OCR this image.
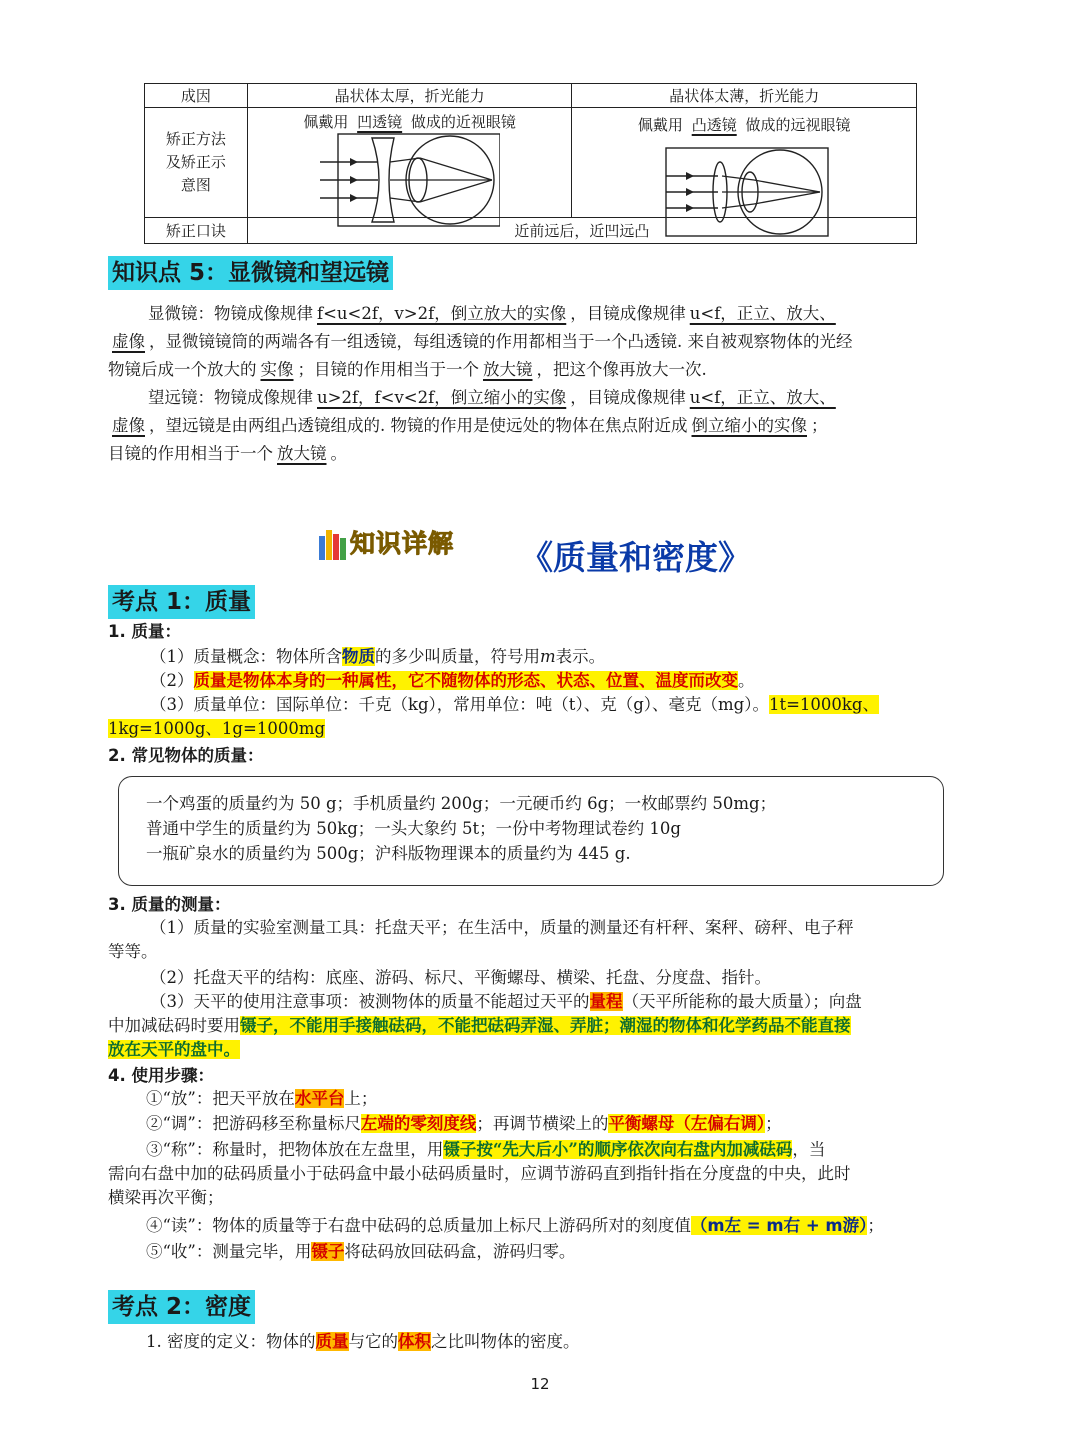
成因	晶状体太厚，折光能力	晶状体太薄，折光能力

矫正方法
及矫正示
意图	佩戴用 凹透镜 做成的近视眼镜	佩戴用 凸透镜 做成的远视眼镜

矫正口诀	近前远后，近凹远凸	
知识点 5：显微镜和望远镜
显微镜：物镜成像规律 f<u<2f，v>2f，倒立放大的实像 ，目镜成像规律 u<f，正立、放大、
虚像 ，显微镜镜筒的两端各有一组透镜，每组透镜的作用都相当于一个凸透镜. 来自被观察物体的光经
物镜后成一个放大的 实像 ；目镜的作用相当于一个 放大镜 ，把这个像再放大一次.
望远镜：物镜成像规律 u>2f，f<v<2f，倒立缩小的实像 ，目镜成像规律 u<f，正立、放大、
虚像 ，望远镜是由两组凸透镜组成的. 物镜的作用是使远处的物体在焦点附近成 倒立缩小的实像 ；
目镜的作用相当于一个 放大镜 。
知识详解 《质量和密度》
考点 1：质量
1. 质量：
（1）质量概念：物体所含物质的多少叫质量，符号用m表示。
（2）质量是物体本身的一种属性，它不随物体的形态、状态、位置、温度而改变。
（3）质量单位：国际单位：千克（kg），常用单位：吨（t）、克（g）、毫克（mg）。1t=1000kg、
1kg=1000g、1g=1000mg
2. 常见物体的质量：
一个鸡蛋的质量约为 50 g；手机质量约 200g；一元硬币约 6g；一枚邮票约 50mg；
普通中学生的质量约为 50kg；一头大象约 5t；一份中考物理试卷约 10g
一瓶矿泉水的质量约为 500g；沪科版物理课本的质量约为 445 g.
3. 质量的测量：
（1）质量的实验室测量工具：托盘天平；在生活中，质量的测量还有杆秤、案秤、磅秤、电子秤
等等。
（2）托盘天平的结构：底座、游码、标尺、平衡螺母、横梁、托盘、分度盘、指针。
（3）天平的使用注意事项：被测物体的质量不能超过天平的量程（天平所能称的最大质量）；向盘
中加减砝码时要用镊子，不能用手接触砝码，不能把砝码弄湿、弄脏；潮湿的物体和化学药品不能直接
放在天平的盘中。
4. 使用步骤：
①“放”：把天平放在水平台上；
②“调”：把游码移至称量标尺左端的零刻度线；再调节横梁上的平衡螺母（左偏右调）；
③“称”：称量时，把物体放在左盘里，用镊子按“先大后小”的顺序依次向右盘内加减砝码，当
需向右盘中加的砝码质量小于砝码盒中最小砝码质量时，应调节游码直到指针指在分度盘的中央，此时
横梁再次平衡；
④“读”：物体的质量等于右盘中砝码的总质量加上标尺上游码所对的刻度值（m左 = m右 + m游）；
⑤“收”：测量完毕，用镊子将砝码放回砝码盒，游码归零。
考点 2：密度
1. 密度的定义：物体的质量与它的体积之比叫物体的密度。
12
